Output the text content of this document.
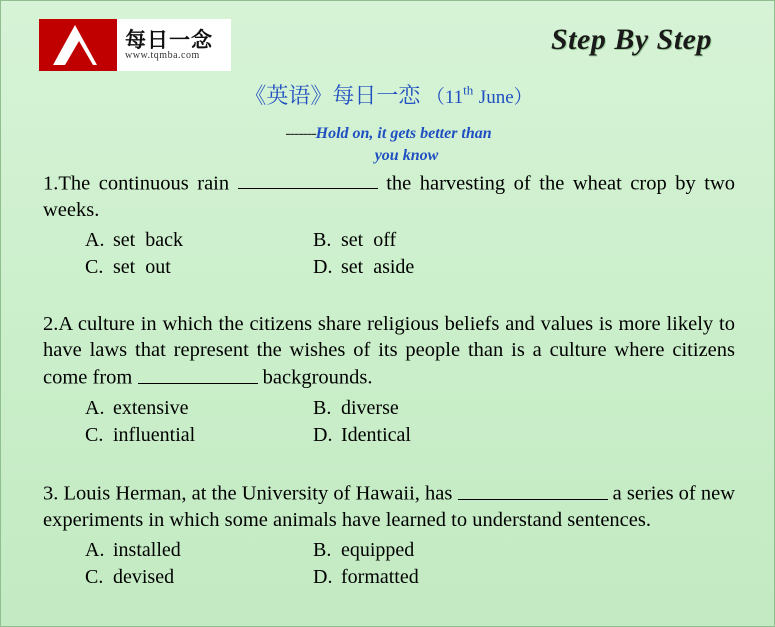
每日一念
www.tqmba.com	Step By Step
《英语》每日一恋 （11th June）
-------Hold on, it gets better than
you know
1.The continuous rain	the harvesting of the wheat crop by two weeks.
A. set  back	B. set  off
C. set  out	D. set  aside
2.A culture in which the citizens share religious beliefs and values is more likely to have laws that represent the wishes of its people than is a culture where citizens come from	backgrounds.
A. extensive	B. diverse
C. influential	D. Identical
3. Louis Herman, at the University of Hawaii, has	a series of new experiments in which some animals have learned to understand sentences.
A. installed	B. equipped
C. devised	D. formatted
